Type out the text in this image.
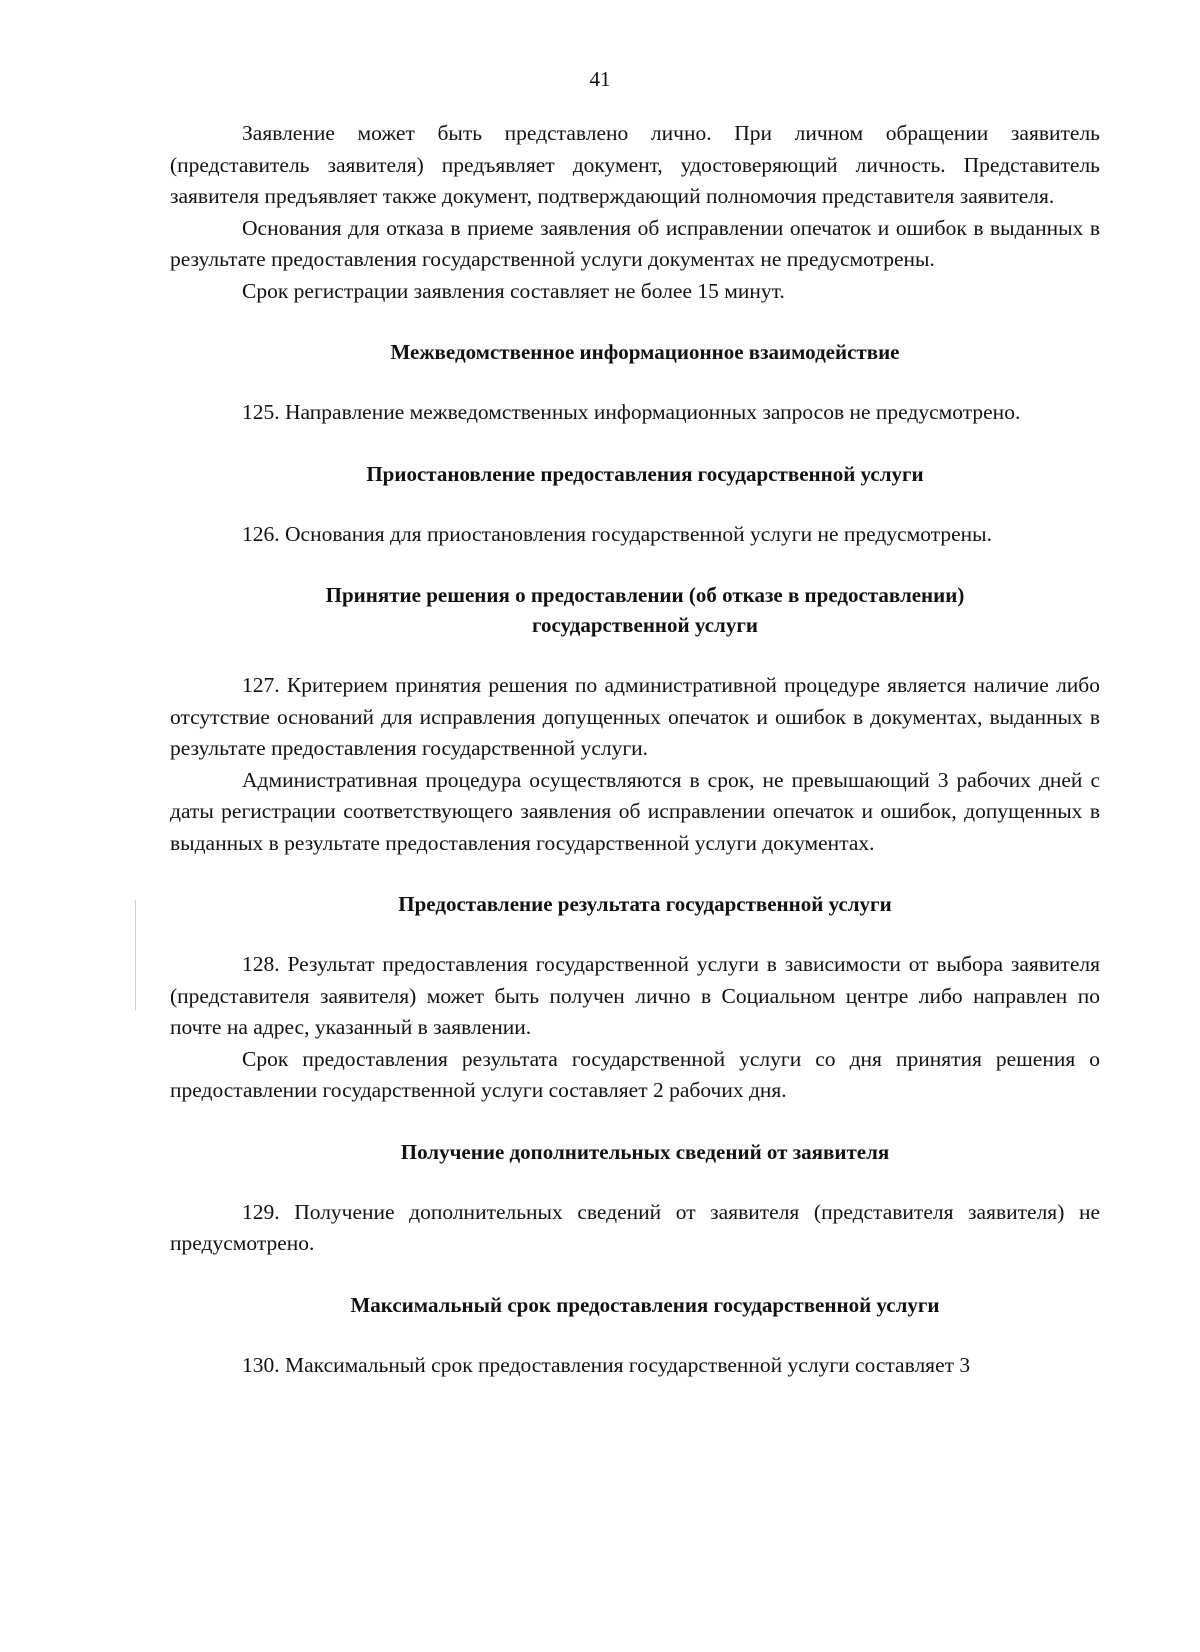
41

Заявление может быть представлено лично. При личном обращении заявитель (представитель заявителя) предъявляет документ, удостоверяющий личность. Представитель заявителя предъявляет также документ, подтверждающий полномочия представителя заявителя.

Основания для отказа в приеме заявления об исправлении опечаток и ошибок в выданных в результате предоставления государственной услуги документах не предусмотрены.

Срок регистрации заявления составляет не более 15 минут.

Межведомственное информационное взаимодействие

125. Направление межведомственных информационных запросов не предусмотрено.

Приостановление предоставления государственной услуги

126. Основания для приостановления государственной услуги не предусмотрены.

Принятие решения о предоставлении (об отказе в предоставлении) государственной услуги

127. Критерием принятия решения по административной процедуре является наличие либо отсутствие оснований для исправления допущенных опечаток и ошибок в документах, выданных в результате предоставления государственной услуги.

Административная процедура осуществляются в срок, не превышающий 3 рабочих дней с даты регистрации соответствующего заявления об исправлении опечаток и ошибок, допущенных в выданных в результате предоставления государственной услуги документах.

Предоставление результата государственной услуги

128. Результат предоставления государственной услуги в зависимости от выбора заявителя (представителя заявителя) может быть получен лично в Социальном центре либо направлен по почте на адрес, указанный в заявлении.

Срок предоставления результата государственной услуги со дня принятия решения о предоставлении государственной услуги составляет 2 рабочих дня.

Получение дополнительных сведений от заявителя

129. Получение дополнительных сведений от заявителя (представителя заявителя) не предусмотрено.

Максимальный срок предоставления государственной услуги

130. Максимальный срок предоставления государственной услуги составляет 3
